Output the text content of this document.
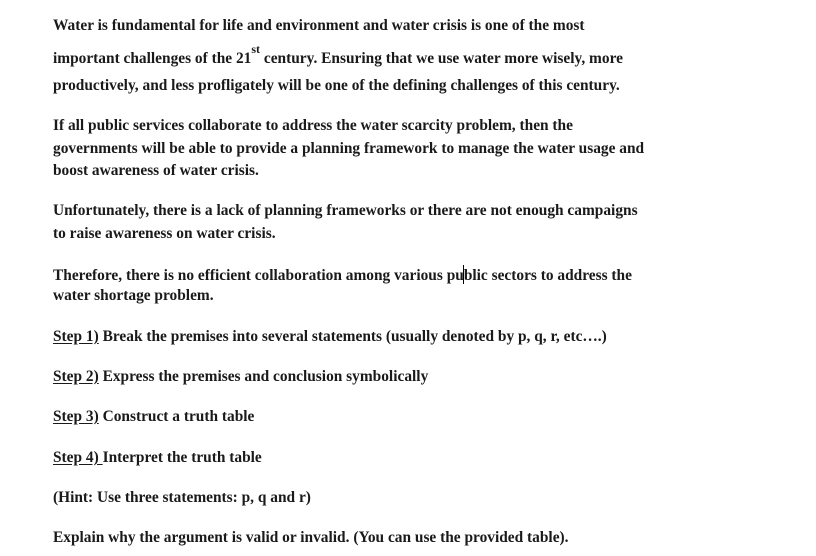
Water is fundamental for life and environment and water crisis is one of the most
important challenges of the 21st century. Ensuring that we use water more wisely, more
productively, and less profligately will be one of the defining challenges of this century.
If all public services collaborate to address the water scarcity problem, then the
governments will be able to provide a planning framework to manage the water usage and
boost awareness of water crisis.
Unfortunately, there is a lack of planning frameworks or there are not enough campaigns
to raise awareness on water crisis.
Therefore, there is no efficient collaboration among various public sectors to address the
water shortage problem.
Step 1) Break the premises into several statements (usually denoted by p, q, r, etc….)
Step 2) Express the premises and conclusion symbolically
Step 3) Construct a truth table
Step 4) Interpret the truth table
(Hint: Use three statements: p, q and r)
Explain why the argument is valid or invalid. (You can use the provided table).
